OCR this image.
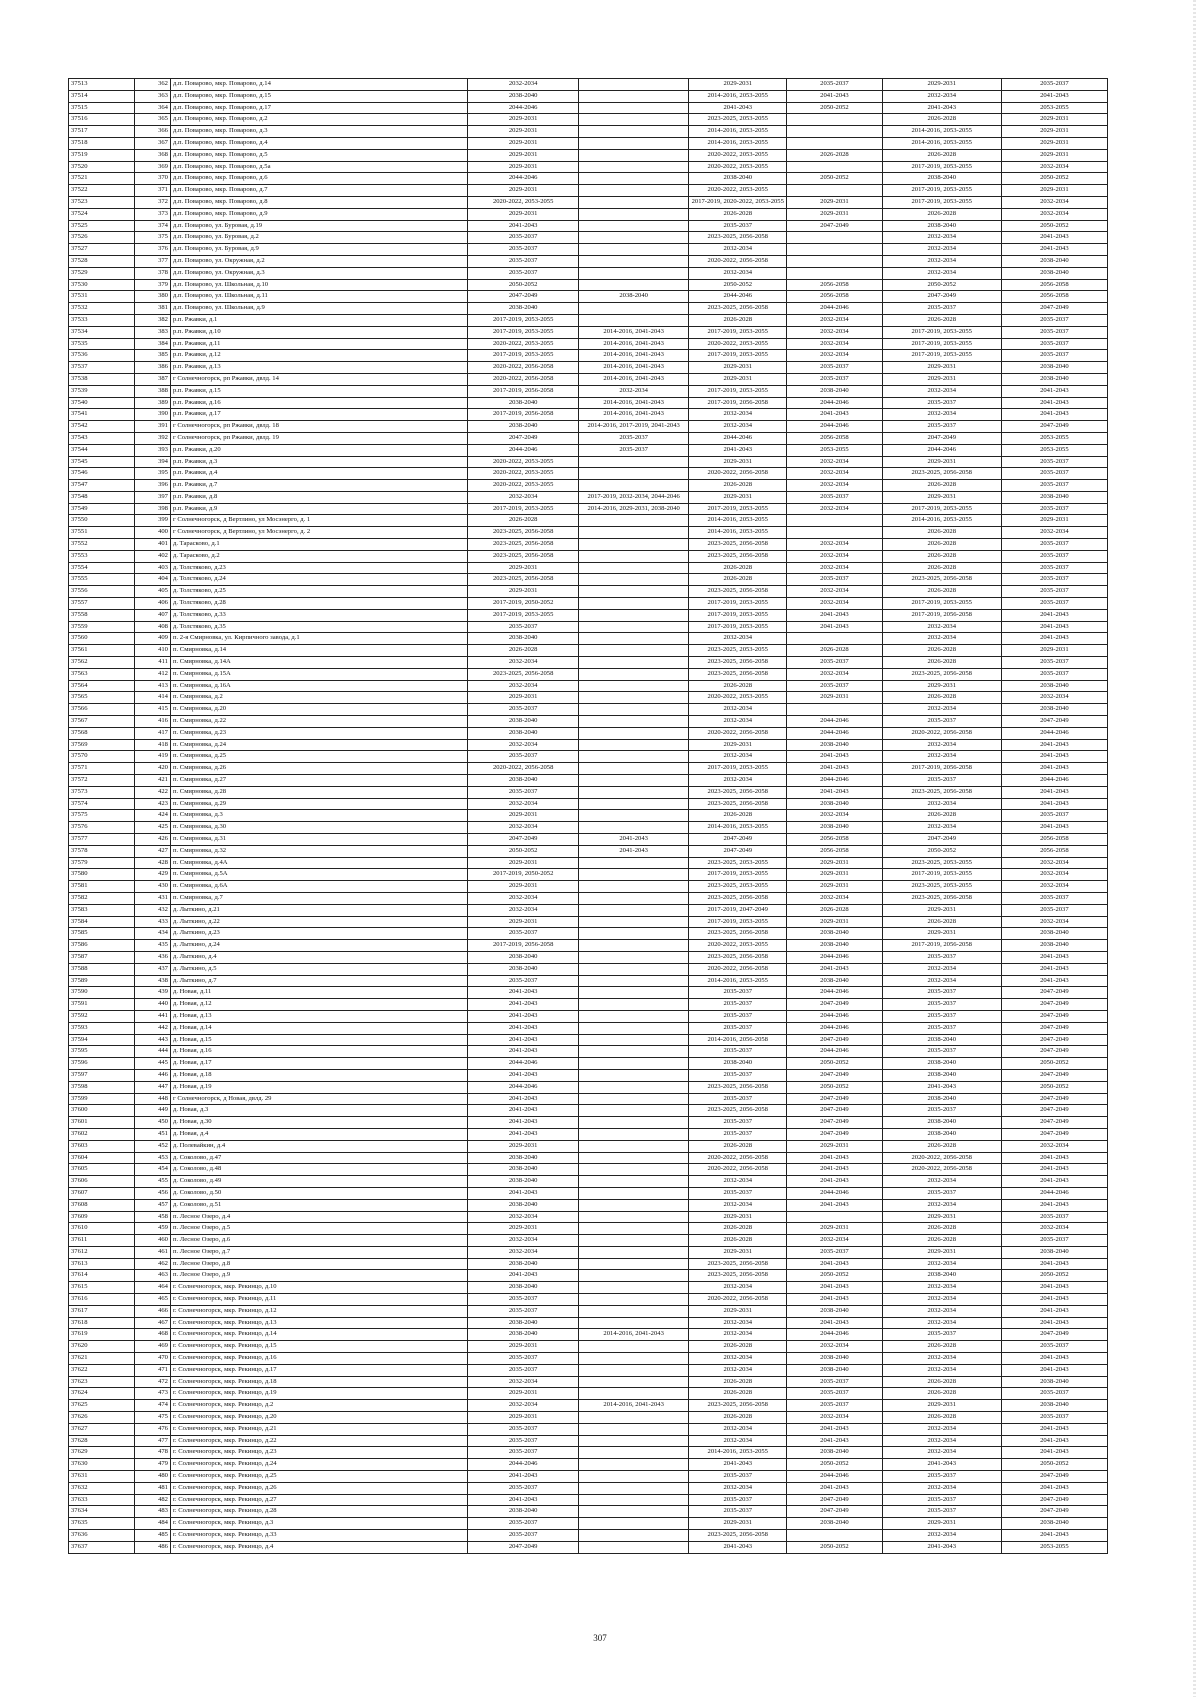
37513	362	д.п. Поварово, мкр. Поварово, д.14	2032-2034		2029-2031	2035-2037	2029-2031	2035-2037
37514	363	д.п. Поварово, мкр. Поварово, д.15	2038-2040		2014-2016, 2053-2055	2041-2043	2032-2034	2041-2043
37515	364	д.п. Поварово, мкр. Поварово, д.17	2044-2046		2041-2043	2050-2052	2041-2043	2053-2055
37516	365	д.п. Поварово, мкр. Поварово, д.2	2029-2031		2023-2025, 2053-2055		2026-2028	2029-2031
37517	366	д.п. Поварово, мкр. Поварово, д.3	2029-2031		2014-2016, 2053-2055		2014-2016, 2053-2055	2029-2031
37518	367	д.п. Поварово, мкр. Поварово, д.4	2029-2031		2014-2016, 2053-2055		2014-2016, 2053-2055	2029-2031
37519	368	д.п. Поварово, мкр. Поварово, д.5	2029-2031		2020-2022, 2053-2055	2026-2028	2026-2028	2029-2031
37520	369	д.п. Поварово, мкр. Поварово, д.5а	2029-2031		2020-2022, 2053-2055		2017-2019, 2053-2055	2032-2034
37521	370	д.п. Поварово, мкр. Поварово, д.6	2044-2046		2038-2040	2050-2052	2038-2040	2050-2052
37522	371	д.п. Поварово, мкр. Поварово, д.7	2029-2031		2020-2022, 2053-2055		2017-2019, 2053-2055	2029-2031
37523	372	д.п. Поварово, мкр. Поварово, д.8	2020-2022, 2053-2055		2017-2019, 2020-2022, 2053-2055	2029-2031	2017-2019, 2053-2055	2032-2034
37524	373	д.п. Поварово, мкр. Поварово, д.9	2029-2031		2026-2028	2029-2031	2026-2028	2032-2034
37525	374	д.п. Поварово, ул. Буровая, д.19	2041-2043		2035-2037	2047-2049	2038-2040	2050-2052
37526	375	д.п. Поварово, ул. Буровая, д.2	2035-2037		2023-2025, 2056-2058		2032-2034	2041-2043
37527	376	д.п. Поварово, ул. Буровая, д.9	2035-2037		2032-2034		2032-2034	2041-2043
37528	377	д.п. Поварово, ул. Окружная, д.2	2035-2037		2020-2022, 2056-2058		2032-2034	2038-2040
37529	378	д.п. Поварово, ул. Окружная, д.3	2035-2037		2032-2034		2032-2034	2038-2040
37530	379	д.п. Поварово, ул. Школьная, д.10	2050-2052		2050-2052	2056-2058	2050-2052	2056-2058
37531	380	д.п. Поварово, ул. Школьная, д.11	2047-2049	2038-2040	2044-2046	2056-2058	2047-2049	2056-2058
37532	381	д.п. Поварово, ул. Школьная, д.9	2038-2040		2023-2025, 2056-2058	2044-2046	2035-2037	2047-2049
37533	382	р.п. Ржавки, д.1	2017-2019, 2053-2055		2026-2028	2032-2034	2026-2028	2035-2037
37534	383	р.п. Ржавки, д.10	2017-2019, 2053-2055	2014-2016, 2041-2043	2017-2019, 2053-2055	2032-2034	2017-2019, 2053-2055	2035-2037
37535	384	р.п. Ржавки, д.11	2020-2022, 2053-2055	2014-2016, 2041-2043	2020-2022, 2053-2055	2032-2034	2017-2019, 2053-2055	2035-2037
37536	385	р.п. Ржавки, д.12	2017-2019, 2053-2055	2014-2016, 2041-2043	2017-2019, 2053-2055	2032-2034	2017-2019, 2053-2055	2035-2037
37537	386	р.п. Ржавки, д.13	2020-2022, 2056-2058	2014-2016, 2041-2043	2029-2031	2035-2037	2029-2031	2038-2040
37538	387	г Солнечногорск, рп Ржавки, двлд. 14	2020-2022, 2056-2058	2014-2016, 2041-2043	2029-2031	2035-2037	2029-2031	2038-2040
37539	388	р.п. Ржавки, д.15	2017-2019, 2056-2058	2032-2034	2017-2019, 2053-2055	2038-2040	2032-2034	2041-2043
37540	389	р.п. Ржавки, д.16	2038-2040	2014-2016, 2041-2043	2017-2019, 2056-2058	2044-2046	2035-2037	2041-2043
37541	390	р.п. Ржавки, д.17	2017-2019, 2056-2058	2014-2016, 2041-2043	2032-2034	2041-2043	2032-2034	2041-2043
37542	391	г Солнечногорск, рп Ржавки, двлд. 18	2038-2040	2014-2016, 2017-2019, 2041-2043	2032-2034	2044-2046	2035-2037	2047-2049
37543	392	г Солнечногорск, рп Ржавки, двлд. 19	2047-2049	2035-2037	2044-2046	2056-2058	2047-2049	2053-2055
37544	393	р.п. Ржавки, д.20	2044-2046	2035-2037	2041-2043	2053-2055	2044-2046	2053-2055
37545	394	р.п. Ржавки, д.3	2020-2022, 2053-2055		2029-2031	2032-2034	2029-2031	2035-2037
37546	395	р.п. Ржавки, д.4	2020-2022, 2053-2055		2020-2022, 2056-2058	2032-2034	2023-2025, 2056-2058	2035-2037
37547	396	р.п. Ржавки, д.7	2020-2022, 2053-2055		2026-2028	2032-2034	2026-2028	2035-2037
37548	397	р.п. Ржавки, д.8	2032-2034	2017-2019, 2032-2034, 2044-2046	2029-2031	2035-2037	2029-2031	2038-2040
37549	398	р.п. Ржавки, д.9	2017-2019, 2053-2055	2014-2016, 2029-2031, 2038-2040	2017-2019, 2053-2055	2032-2034	2017-2019, 2053-2055	2035-2037
37550	399	г Солнечногорск, д Вертлино, ул Мосэнерго, д. 1	2026-2028		2014-2016, 2053-2055		2014-2016, 2053-2055	2029-2031
37551	400	г Солнечногорск, д Вертлино, ул Мосэнерго, д. 2	2023-2025, 2056-2058		2014-2016, 2053-2055		2026-2028	2032-2034
37552	401	д. Тарасково, д.1	2023-2025, 2056-2058		2023-2025, 2056-2058	2032-2034	2026-2028	2035-2037
37553	402	д. Тарасково, д.2	2023-2025, 2056-2058		2023-2025, 2056-2058	2032-2034	2026-2028	2035-2037
37554	403	д. Толстяково, д.23	2029-2031		2026-2028	2032-2034	2026-2028	2035-2037
37555	404	д. Толстяково, д.24	2023-2025, 2056-2058		2026-2028	2035-2037	2023-2025, 2056-2058	2035-2037
37556	405	д. Толстяково, д.25	2029-2031		2023-2025, 2056-2058	2032-2034	2026-2028	2035-2037
37557	406	д. Толстяково, д.28	2017-2019, 2050-2052		2017-2019, 2053-2055	2032-2034	2017-2019, 2053-2055	2035-2037
37558	407	д. Толстяково, д.33	2017-2019, 2053-2055		2017-2019, 2053-2055	2041-2043	2017-2019, 2056-2058	2041-2043
37559	408	д. Толстяково, д.35	2035-2037		2017-2019, 2053-2055	2041-2043	2032-2034	2041-2043
37560	409	п. 2-я Смирновка, ул. Кирпичного завода, д.1	2038-2040		2032-2034		2032-2034	2041-2043
37561	410	п. Смирновка, д.14	2026-2028		2023-2025, 2053-2055	2026-2028	2026-2028	2029-2031
37562	411	п. Смирновка, д.14А	2032-2034		2023-2025, 2056-2058	2035-2037	2026-2028	2035-2037
37563	412	п. Смирновка, д.15А	2023-2025, 2056-2058		2023-2025, 2056-2058	2032-2034	2023-2025, 2056-2058	2035-2037
37564	413	п. Смирновка, д.16А	2032-2034		2026-2028	2035-2037	2029-2031	2038-2040
37565	414	п. Смирновка, д.2	2029-2031		2020-2022, 2053-2055	2029-2031	2026-2028	2032-2034
37566	415	п. Смирновка, д.20	2035-2037		2032-2034		2032-2034	2038-2040
37567	416	п. Смирновка, д.22	2038-2040		2032-2034	2044-2046	2035-2037	2047-2049
37568	417	п. Смирновка, д.23	2038-2040		2020-2022, 2056-2058	2044-2046	2020-2022, 2056-2058	2044-2046
37569	418	п. Смирновка, д.24	2032-2034		2029-2031	2038-2040	2032-2034	2041-2043
37570	419	п. Смирновка, д.25	2035-2037		2032-2034	2041-2043	2032-2034	2041-2043
37571	420	п. Смирновка, д.26	2020-2022, 2056-2058		2017-2019, 2053-2055	2041-2043	2017-2019, 2056-2058	2041-2043
37572	421	п. Смирновка, д.27	2038-2040		2032-2034	2044-2046	2035-2037	2044-2046
37573	422	п. Смирновка, д.28	2035-2037		2023-2025, 2056-2058	2041-2043	2023-2025, 2056-2058	2041-2043
37574	423	п. Смирновка, д.29	2032-2034		2023-2025, 2056-2058	2038-2040	2032-2034	2041-2043
37575	424	п. Смирновка, д.3	2029-2031		2026-2028	2032-2034	2026-2028	2035-2037
37576	425	п. Смирновка, д.30	2032-2034		2014-2016, 2053-2055	2038-2040	2032-2034	2041-2043
37577	426	п. Смирновка, д.31	2047-2049	2041-2043	2047-2049	2056-2058	2047-2049	2056-2058
37578	427	п. Смирновка, д.32	2050-2052	2041-2043	2047-2049	2056-2058	2050-2052	2056-2058
37579	428	п. Смирновка, д.4А	2029-2031		2023-2025, 2053-2055	2029-2031	2023-2025, 2053-2055	2032-2034
37580	429	п. Смирновка, д.5А	2017-2019, 2050-2052		2017-2019, 2053-2055	2029-2031	2017-2019, 2053-2055	2032-2034
37581	430	п. Смирновка, д.6А	2029-2031		2023-2025, 2053-2055	2029-2031	2023-2025, 2053-2055	2032-2034
37582	431	п. Смирновка, д.7	2032-2034		2023-2025, 2056-2058	2032-2034	2023-2025, 2056-2058	2035-2037
37583	432	д. Лыткино, д.21	2032-2034		2017-2019, 2047-2049	2026-2028	2029-2031	2035-2037
37584	433	д. Лыткино, д.22	2029-2031		2017-2019, 2053-2055	2029-2031	2026-2028	2032-2034
37585	434	д. Лыткино, д.23	2035-2037		2023-2025, 2056-2058	2038-2040	2029-2031	2038-2040
37586	435	д. Лыткино, д.24	2017-2019, 2056-2058		2020-2022, 2053-2055	2038-2040	2017-2019, 2056-2058	2038-2040
37587	436	д. Лыткино, д.4	2038-2040		2023-2025, 2056-2058	2044-2046	2035-2037	2041-2043
37588	437	д. Лыткино, д.5	2038-2040		2020-2022, 2056-2058	2041-2043	2032-2034	2041-2043
37589	438	д. Лыткино, д.7	2035-2037		2014-2016, 2053-2055	2038-2040	2032-2034	2041-2043
37590	439	д. Новая, д.11	2041-2043		2035-2037	2044-2046	2035-2037	2047-2049
37591	440	д. Новая, д.12	2041-2043		2035-2037	2047-2049	2035-2037	2047-2049
37592	441	д. Новая, д.13	2041-2043		2035-2037	2044-2046	2035-2037	2047-2049
37593	442	д. Новая, д.14	2041-2043		2035-2037	2044-2046	2035-2037	2047-2049
37594	443	д. Новая, д.15	2041-2043		2014-2016, 2056-2058	2047-2049	2038-2040	2047-2049
37595	444	д. Новая, д.16	2041-2043		2035-2037	2044-2046	2035-2037	2047-2049
37596	445	д. Новая, д.17	2044-2046		2038-2040	2050-2052	2038-2040	2050-2052
37597	446	д. Новая, д.18	2041-2043		2035-2037	2047-2049	2038-2040	2047-2049
37598	447	д. Новая, д.19	2044-2046		2023-2025, 2056-2058	2050-2052	2041-2043	2050-2052
37599	448	г Солнечногорск, д Новая, двлд. 29	2041-2043		2035-2037	2047-2049	2038-2040	2047-2049
37600	449	д. Новая, д.3	2041-2043		2023-2025, 2056-2058	2047-2049	2035-2037	2047-2049
37601	450	д. Новая, д.30	2041-2043		2035-2037	2047-2049	2038-2040	2047-2049
37602	451	д. Новая, д.4	2041-2043		2035-2037	2047-2049	2038-2040	2047-2049
37603	452	д. Полевайкин, д.4	2029-2031		2026-2028	2029-2031	2026-2028	2032-2034
37604	453	д. Соколово, д.47	2038-2040		2020-2022, 2056-2058	2041-2043	2020-2022, 2056-2058	2041-2043
37605	454	д. Соколово, д.48	2038-2040		2020-2022, 2056-2058	2041-2043	2020-2022, 2056-2058	2041-2043
37606	455	д. Соколово, д.49	2038-2040		2032-2034	2041-2043	2032-2034	2041-2043
37607	456	д. Соколово, д.50	2041-2043		2035-2037	2044-2046	2035-2037	2044-2046
37608	457	д. Соколово, д.51	2038-2040		2032-2034	2041-2043	2032-2034	2041-2043
37609	458	п. Лесное Озеро, д.4	2032-2034		2029-2031		2029-2031	2035-2037
37610	459	п. Лесное Озеро, д.5	2029-2031		2026-2028	2029-2031	2026-2028	2032-2034
37611	460	п. Лесное Озеро, д.6	2032-2034		2026-2028	2032-2034	2026-2028	2035-2037
37612	461	п. Лесное Озеро, д.7	2032-2034		2029-2031	2035-2037	2029-2031	2038-2040
37613	462	п. Лесное Озеро, д.8	2038-2040		2023-2025, 2056-2058	2041-2043	2032-2034	2041-2043
37614	463	п. Лесное Озеро, д.9	2041-2043		2023-2025, 2056-2058	2050-2052	2038-2040	2050-2052
37615	464	г. Солнечногорск, мкр. Рекинцо, д.10	2038-2040		2032-2034	2041-2043	2032-2034	2041-2043
37616	465	г. Солнечногорск, мкр. Рекинцо, д.11	2035-2037		2020-2022, 2056-2058	2041-2043	2032-2034	2041-2043
37617	466	г. Солнечногорск, мкр. Рекинцо, д.12	2035-2037		2029-2031	2038-2040	2032-2034	2041-2043
37618	467	г. Солнечногорск, мкр. Рекинцо, д.13	2038-2040		2032-2034	2041-2043	2032-2034	2041-2043
37619	468	г. Солнечногорск, мкр. Рекинцо, д.14	2038-2040	2014-2016, 2041-2043	2032-2034	2044-2046	2035-2037	2047-2049
37620	469	г. Солнечногорск, мкр. Рекинцо, д.15	2029-2031		2026-2028	2032-2034	2026-2028	2035-2037
37621	470	г. Солнечногорск, мкр. Рекинцо, д.16	2035-2037		2032-2034	2038-2040	2032-2034	2041-2043
37622	471	г. Солнечногорск, мкр. Рекинцо, д.17	2035-2037		2032-2034	2038-2040	2032-2034	2041-2043
37623	472	г. Солнечногорск, мкр. Рекинцо, д.18	2032-2034		2026-2028	2035-2037	2026-2028	2038-2040
37624	473	г. Солнечногорск, мкр. Рекинцо, д.19	2029-2031		2026-2028	2035-2037	2026-2028	2035-2037
37625	474	г. Солнечногорск, мкр. Рекинцо, д.2	2032-2034	2014-2016, 2041-2043	2023-2025, 2056-2058	2035-2037	2029-2031	2038-2040
37626	475	г. Солнечногорск, мкр. Рекинцо, д.20	2029-2031		2026-2028	2032-2034	2026-2028	2035-2037
37627	476	г. Солнечногорск, мкр. Рекинцо, д.21	2035-2037		2032-2034	2041-2043	2032-2034	2041-2043
37628	477	г. Солнечногорск, мкр. Рекинцо, д.22	2035-2037		2032-2034	2041-2043	2032-2034	2041-2043
37629	478	г. Солнечногорск, мкр. Рекинцо, д.23	2035-2037		2014-2016, 2053-2055	2038-2040	2032-2034	2041-2043
37630	479	г. Солнечногорск, мкр. Рекинцо, д.24	2044-2046		2041-2043	2050-2052	2041-2043	2050-2052
37631	480	г. Солнечногорск, мкр. Рекинцо, д.25	2041-2043		2035-2037	2044-2046	2035-2037	2047-2049
37632	481	г. Солнечногорск, мкр. Рекинцо, д.26	2035-2037		2032-2034	2041-2043	2032-2034	2041-2043
37633	482	г. Солнечногорск, мкр. Рекинцо, д.27	2041-2043		2035-2037	2047-2049	2035-2037	2047-2049
37634	483	г. Солнечногорск, мкр. Рекинцо, д.28	2038-2040		2035-2037	2047-2049	2035-2037	2047-2049
37635	484	г. Солнечногорск, мкр. Рекинцо, д.3	2035-2037		2029-2031	2038-2040	2029-2031	2038-2040
37636	485	г. Солнечногорск, мкр. Рекинцо, д.33	2035-2037		2023-2025, 2056-2058		2032-2034	2041-2043
37637	486	г. Солнечногорск, мкр. Рекинцо, д.4	2047-2049		2041-2043	2050-2052	2041-2043	2053-2055
307
